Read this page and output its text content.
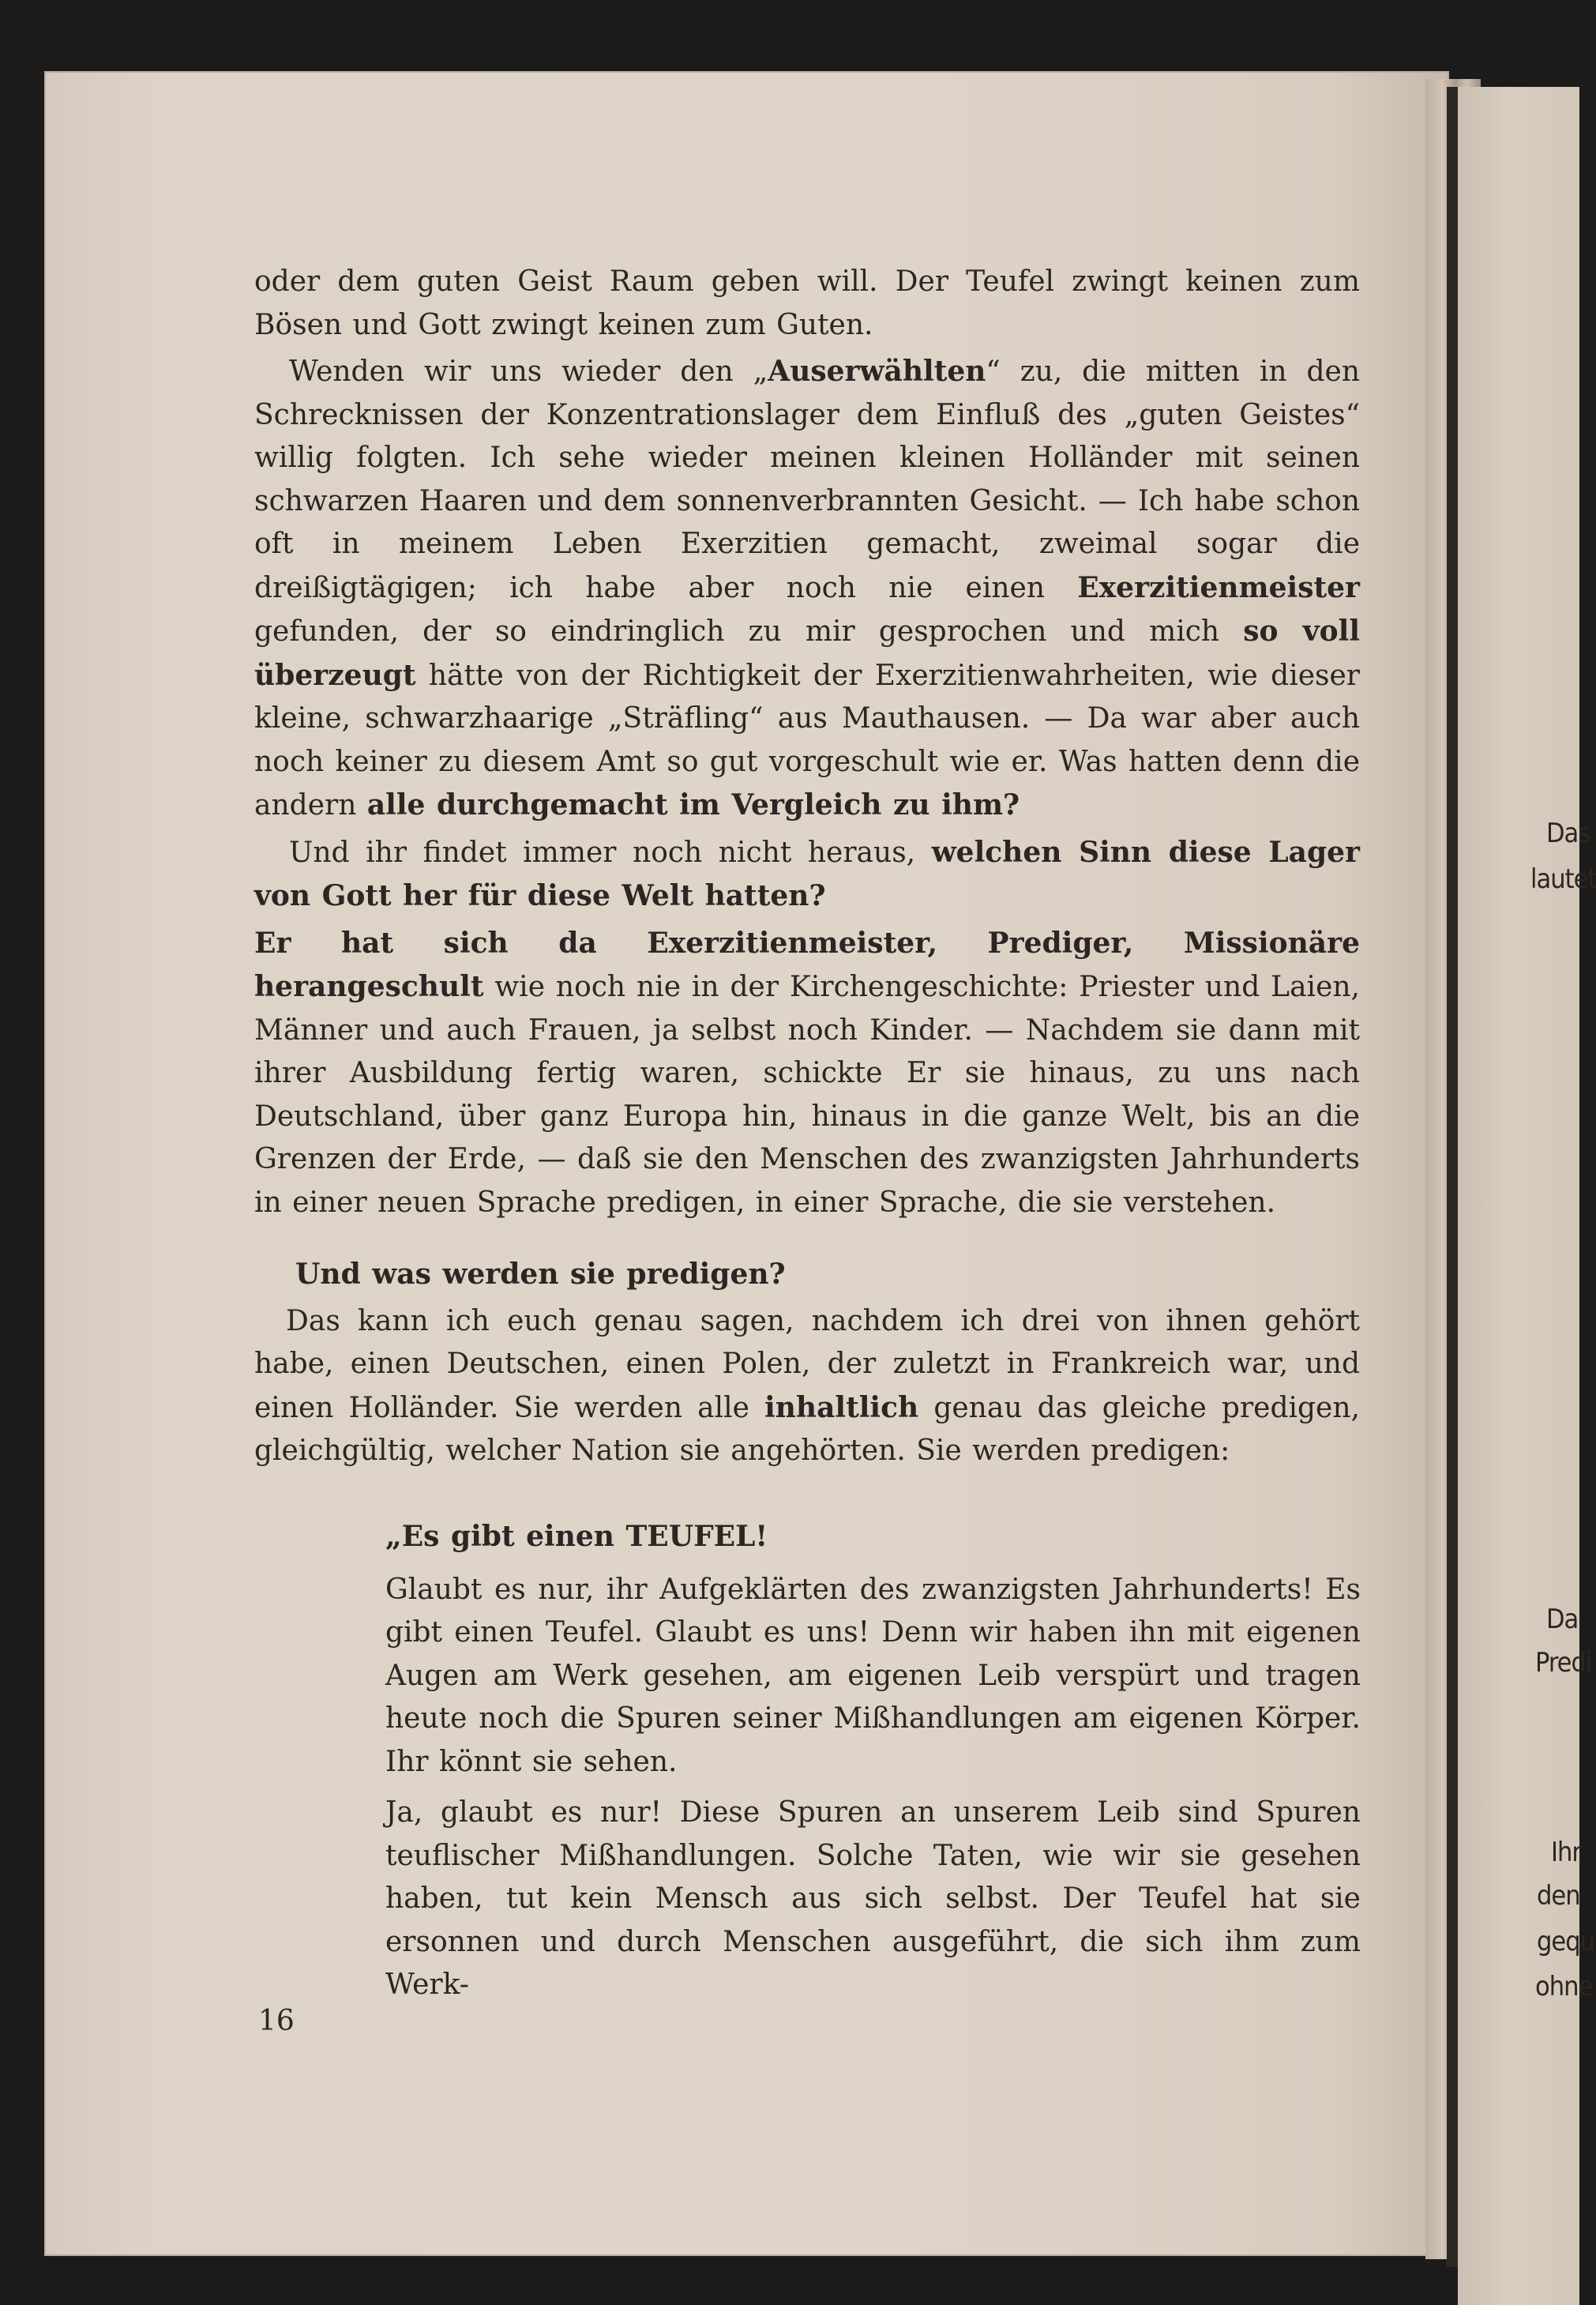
Das
lautet
Da
Predi
Ihr
den
gequ
ohne

oder dem guten Geist Raum geben will. Der Teufel zwingt keinen zum Bösen und Gott zwingt keinen zum Guten.

Wenden wir uns wieder den „Auserwählten“ zu, die mitten in den Schrecknissen der Konzentrationslager dem Einfluß des „guten Geistes“ willig folgten. Ich sehe wieder meinen kleinen Holländer mit seinen schwarzen Haaren und dem sonnenverbrannten Gesicht. — Ich habe schon oft in meinem Leben Exerzitien gemacht, zweimal sogar die dreißigtägigen; ich habe aber noch nie einen Exerzitienmeister gefunden, der so eindringlich zu mir gesprochen und mich so voll überzeugt hätte von der Richtigkeit der Exerzitienwahrheiten, wie dieser kleine, schwarzhaarige „Sträfling“ aus Mauthausen. — Da war aber auch noch keiner zu diesem Amt so gut vorgeschult wie er. Was hatten denn die andern alle durchgemacht im Vergleich zu ihm?

Und ihr findet immer noch nicht heraus, welchen Sinn diese Lager von Gott her für diese Welt hatten?

Er hat sich da Exerzitienmeister, Prediger, Missionäre herangeschult wie noch nie in der Kirchengeschichte: Priester und Laien, Männer und auch Frauen, ja selbst noch Kinder. — Nachdem sie dann mit ihrer Ausbildung fertig waren, schickte Er sie hinaus, zu uns nach Deutschland, über ganz Europa hin, hinaus in die ganze Welt, bis an die Grenzen der Erde, — daß sie den Menschen des zwanzigsten Jahrhunderts in einer neuen Sprache predigen, in einer Sprache, die sie verstehen.

Und was werden sie predigen?

Das kann ich euch genau sagen, nachdem ich drei von ihnen gehört habe, einen Deutschen, einen Polen, der zuletzt in Frankreich war, und einen Holländer. Sie werden alle inhaltlich genau das gleiche predigen, gleichgültig, welcher Nation sie angehörten. Sie werden predigen:

„Es gibt einen TEUFEL!

Glaubt es nur, ihr Aufgeklärten des zwanzigsten Jahrhunderts! Es gibt einen Teufel. Glaubt es uns! Denn wir haben ihn mit eigenen Augen am Werk gesehen, am eigenen Leib verspürt und tragen heute noch die Spuren seiner Mißhandlungen am eigenen Körper. Ihr könnt sie sehen.

Ja, glaubt es nur! Diese Spuren an unserem Leib sind Spuren teuflischer Mißhandlungen. Solche Taten, wie wir sie gesehen haben, tut kein Mensch aus sich selbst. Der Teufel hat sie ersonnen und durch Menschen ausgeführt, die sich ihm zum Werk-

16
